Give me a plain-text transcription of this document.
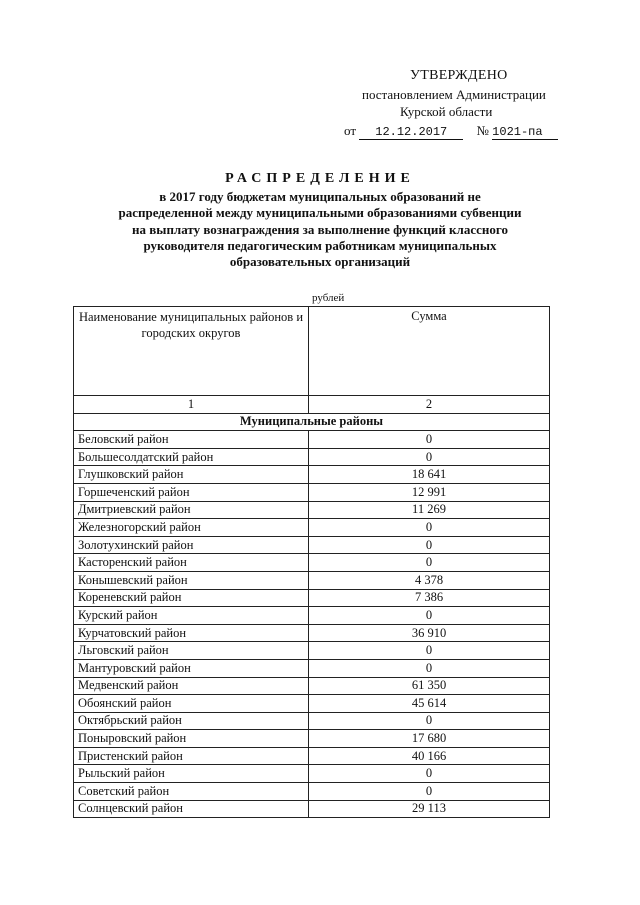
УТВЕРЖДЕНО
постановлением Администрации
Курской области
от 12.12.2017 № 1021-па
РАСПРЕДЕЛЕНИЕ
в 2017 году бюджетам муниципальных образований не
распределенной между муниципальными образованиями субвенции
на выплату вознаграждения за выполнение функций классного
руководителя педагогическим работникам муниципальных
образовательных организаций
рублей
Наименование муниципальных районов и городских округов	Сумма
1	2
Муниципальные районы	
Беловский район	0
Большесолдатский район	0
Глушковский район	18 641
Горшеченский район	12 991
Дмитриевский район	11 269
Железногорский район	0
Золотухинский район	0
Касторенский район	0
Конышевский район	4 378
Кореневский район	7 386
Курский район	0
Курчатовский район	36 910
Льговский район	0
Мантуровский район	0
Медвенский район	61 350
Обоянский район	45 614
Октябрьский район	0
Поныровский район	17 680
Пристенский район	40 166
Рыльский район	0
Советский район	0
Солнцевский район	29 113
